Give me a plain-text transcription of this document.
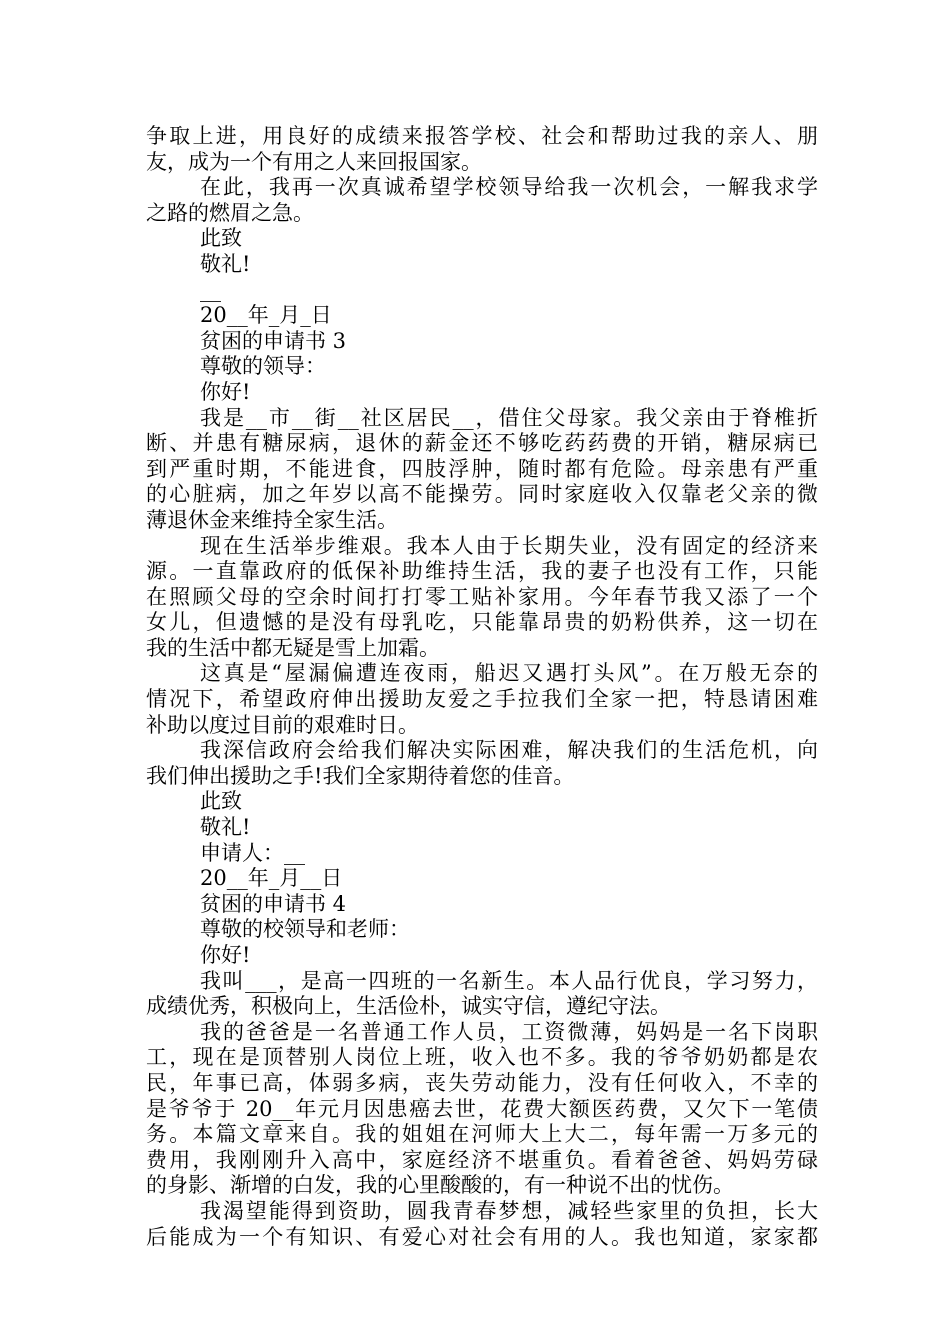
争取上进，用良好的成绩来报答学校、社会和帮助过我的亲人、朋
友，成为一个有用之人来回报国家。
在此，我再一次真诚希望学校领导给我一次机会，一解我求学
之路的燃眉之急。
此致
敬礼!
__
20__年_月_日
贫困的申请书 3
尊敬的领导：
你好!
我是__市__街__社区居民__，借住父母家。我父亲由于脊椎折
断、并患有糖尿病，退休的薪金还不够吃药药费的开销，糖尿病已
到严重时期，不能进食，四肢浮肿，随时都有危险。母亲患有严重
的心脏病，加之年岁以高不能操劳。同时家庭收入仅靠老父亲的微
薄退休金来维持全家生活。
现在生活举步维艰。我本人由于长期失业，没有固定的经济来
源。一直靠政府的低保补助维持生活，我的妻子也没有工作，只能
在照顾父母的空余时间打打零工贴补家用。今年春节我又添了一个
女儿，但遗憾的是没有母乳吃，只能靠昂贵的奶粉供养，这一切在
我的生活中都无疑是雪上加霜。
这真是“屋漏偏遭连夜雨，船迟又遇打头风”。在万般无奈的
情况下，希望政府伸出援助友爱之手拉我们全家一把，特恳请困难
补助以度过目前的艰难时日。
我深信政府会给我们解决实际困难，解决我们的生活危机，向
我们伸出援助之手!我们全家期待着您的佳音。
此致
敬礼!
申请人：__
20__年_月__日
贫困的申请书 4
尊敬的校领导和老师：
你好!
我叫___，是高一四班的一名新生。本人品行优良，学习努力，
成绩优秀，积极向上，生活俭朴，诚实守信，遵纪守法。
我的爸爸是一名普通工作人员，工资微薄，妈妈是一名下岗职
工，现在是顶替别人岗位上班，收入也不多。我的爷爷奶奶都是农
民，年事已高，体弱多病，丧失劳动能力，没有任何收入，不幸的
是爷爷于 20__年元月因患癌去世，花费大额医药费，又欠下一笔债
务。本篇文章来自。我的姐姐在河师大上大二，每年需一万多元的
费用，我刚刚升入高中，家庭经济不堪重负。看着爸爸、妈妈劳碌
的身影、渐增的白发，我的心里酸酸的，有一种说不出的忧伤。
我渴望能得到资助，圆我青春梦想，减轻些家里的负担，长大
后能成为一个有知识、有爱心对社会有用的人。我也知道，家家都
